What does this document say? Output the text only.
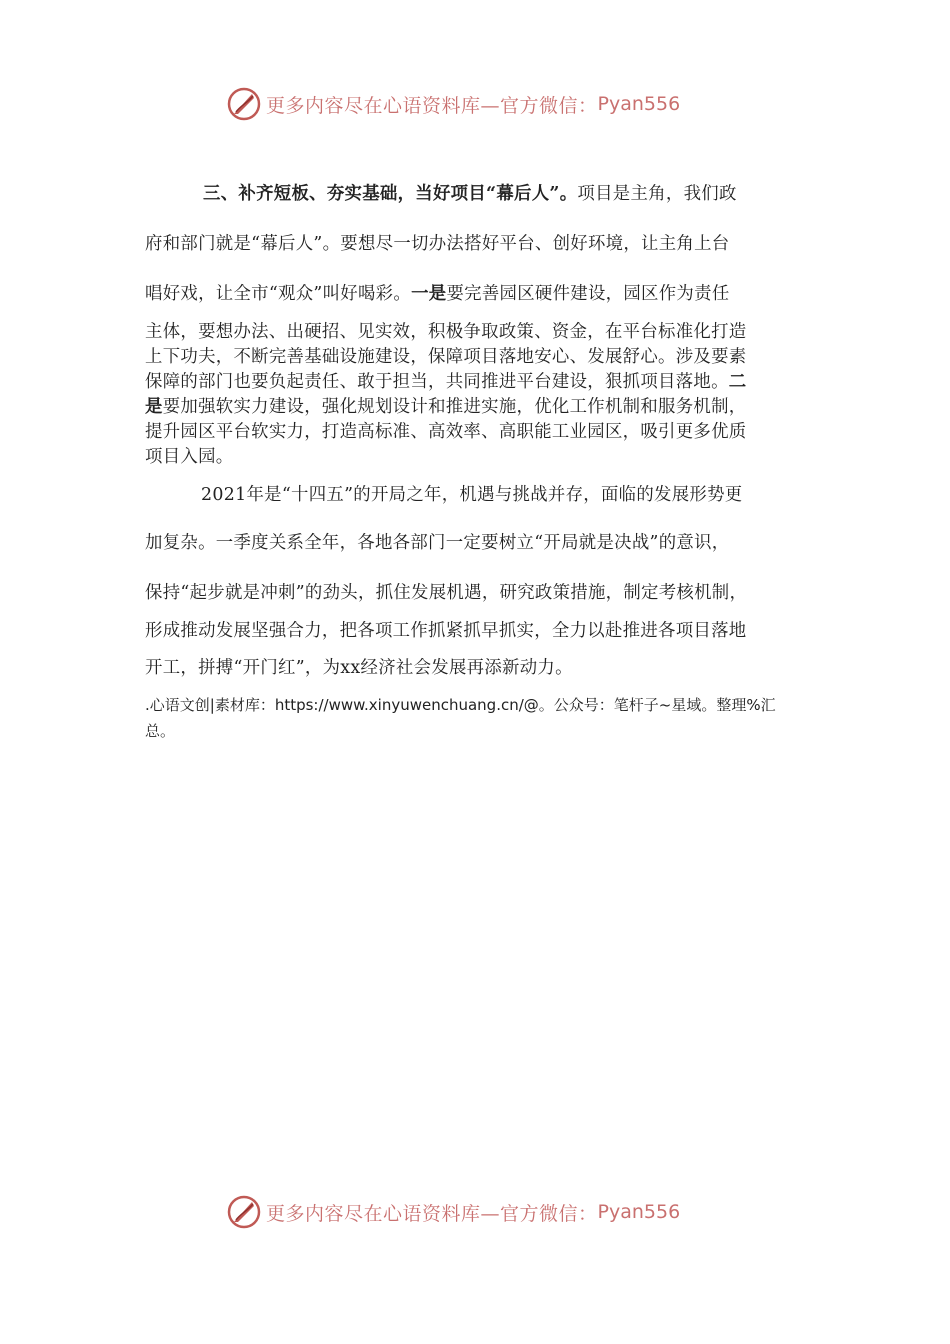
更多内容尽在心语资料库—官方微信： Pyan556
三、补齐短板、夯实基础，当好项目“幕后人”。项目是主角，我们政
府和部门就是“幕后人”。要想尽一切办法搭好平台、创好环境，让主角上台
唱好戏，让全市“观众”叫好喝彩。一是要完善园区硬件建设，园区作为责任
主体，要想办法、出硬招、见实效，积极争取政策、资金，在平台标准化打造
上下功夫，不断完善基础设施建设，保障项目落地安心、发展舒心。涉及要素
保障的部门也要负起责任、敢于担当，共同推进平台建设，狠抓项目落地。二
是要加强软实力建设，强化规划设计和推进实施，优化工作机制和服务机制，
提升园区平台软实力，打造高标准、高效率、高职能工业园区，吸引更多优质
项目入园。
2021年是“十四五”的开局之年，机遇与挑战并存，面临的发展形势更
加复杂。一季度关系全年，各地各部门一定要树立“开局就是决战”的意识，
保持“起步就是冲刺”的劲头，抓住发展机遇，研究政策措施，制定考核机制，
形成推动发展坚强合力，把各项工作抓紧抓早抓实，全力以赴推进各项目落地
开工，拼搏“开门红”，为xx经济社会发展再添新动力。
.心语文创|素材库：https://www.xinyuwenchuang.cn/@。公众号：笔杆子~星域。整理%汇
总。
更多内容尽在心语资料库—官方微信： Pyan556
